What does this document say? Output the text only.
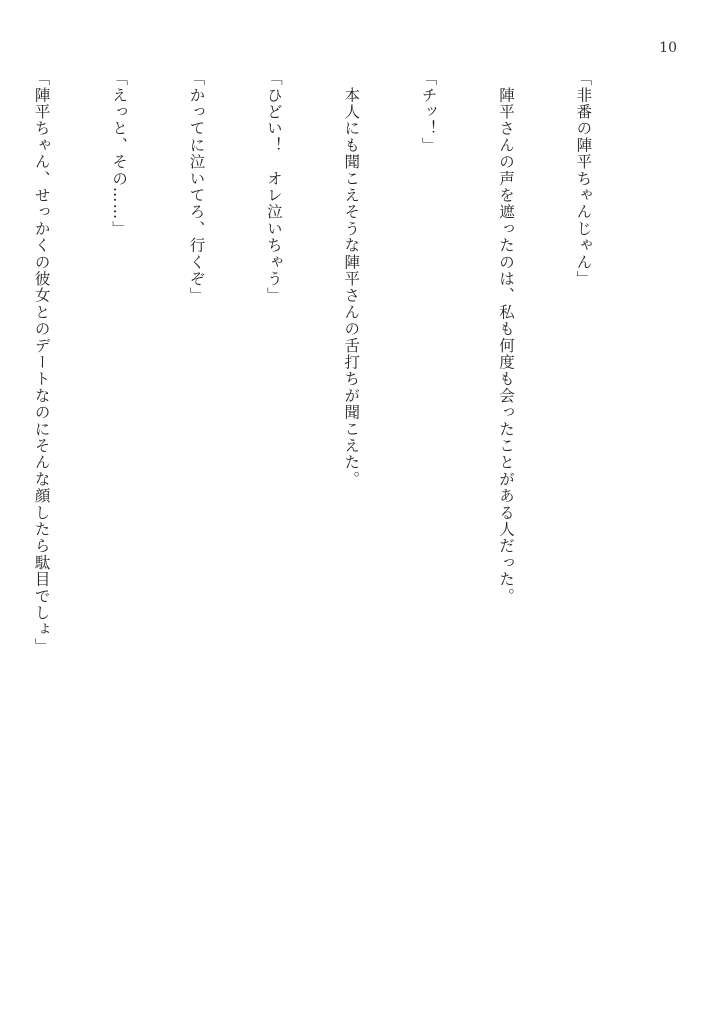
10

「非番の陣平ちゃんじゃん」

　陣平さんの声を遮ったのは、私も何度も会ったことがある人だった。

「チッ！」

　本人にも聞こえそうな陣平さんの舌打ちが聞こえた。

「ひどい！　オレ泣いちゃう」

「かってに泣いてろ、行くぞ」

「えっと、その……」

「陣平ちゃん、せっかくの彼女とのデートなのにそんな顔したら駄目でしょ」
